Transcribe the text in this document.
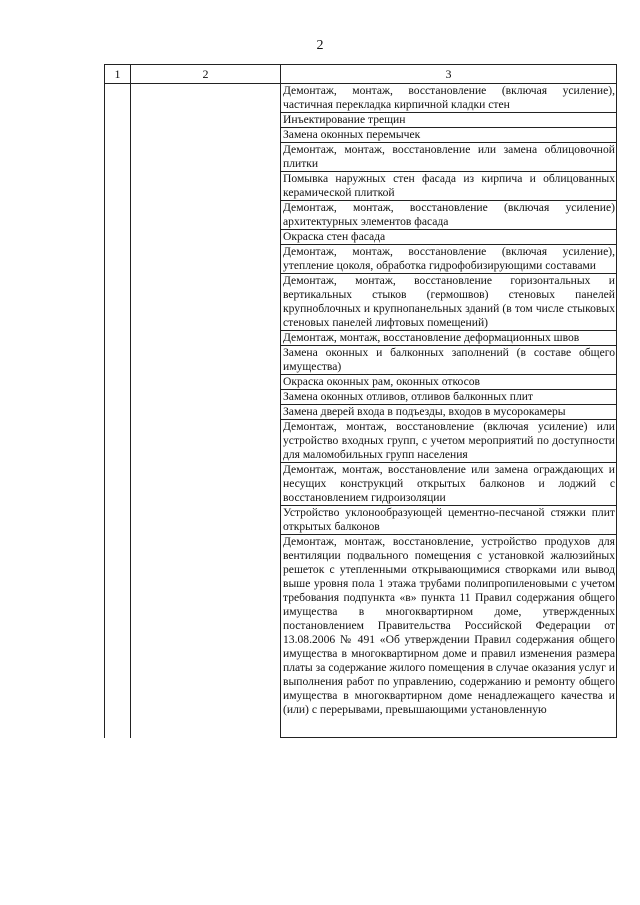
2
1	2	3
		Демонтаж, монтаж, восстановление (включая усиление), частичная перекладка кирпичной кладки стен
		Инъектирование трещин
		Замена оконных перемычек
		Демонтаж, монтаж, восстановление или замена облицовочной плитки
		Помывка наружных стен фасада из кирпича и облицованных керамической плиткой
		Демонтаж, монтаж, восстановление (включая усиление) архитектурных элементов фасада
		Окраска стен фасада
		Демонтаж, монтаж, восстановление (включая усиление), утепление цоколя, обработка гидрофобизирующими составами
		Демонтаж, монтаж, восстановление горизонтальных и вертикальных стыков (гермошвов) стеновых панелей крупноблочных и крупнопанельных зданий (в том числе стыковых стеновых панелей лифтовых помещений)
		Демонтаж, монтаж, восстановление деформационных швов
		Замена оконных и балконных заполнений (в составе общего имущества)
		Окраска оконных рам, оконных откосов
		Замена оконных отливов, отливов балконных плит
		Замена дверей входа в подъезды, входов в мусорокамеры
		Демонтаж, монтаж, восстановление (включая усиление) или устройство входных групп, с учетом мероприятий по доступности для маломобильных групп населения
		Демонтаж, монтаж, восстановление или замена ограждающих и несущих конструкций открытых балконов и лоджий с восстановлением гидроизоляции
		Устройство уклонообразующей цементно-песчаной стяжки плит открытых балконов
		Демонтаж, монтаж, восстановление, устройство продухов для вентиляции подвального помещения с установкой жалюзийных решеток с утепленными открывающимися створками или вывод выше уровня пола 1 этажа трубами полипропиленовыми с учетом требования подпункта «в» пункта 11 Правил содержания общего имущества в многоквартирном доме, утвержденных постановлением Правительства Российской Федерации от 13.08.2006 № 491 «Об утверждении Правил содержания общего имущества в многоквартирном доме и правил изменения размера платы за содержание жилого помещения в случае оказания услуг и выполнения работ по управлению, содержанию и ремонту общего имущества в многоквартирном доме ненадлежащего качества и (или) с перерывами, превышающими установленную
